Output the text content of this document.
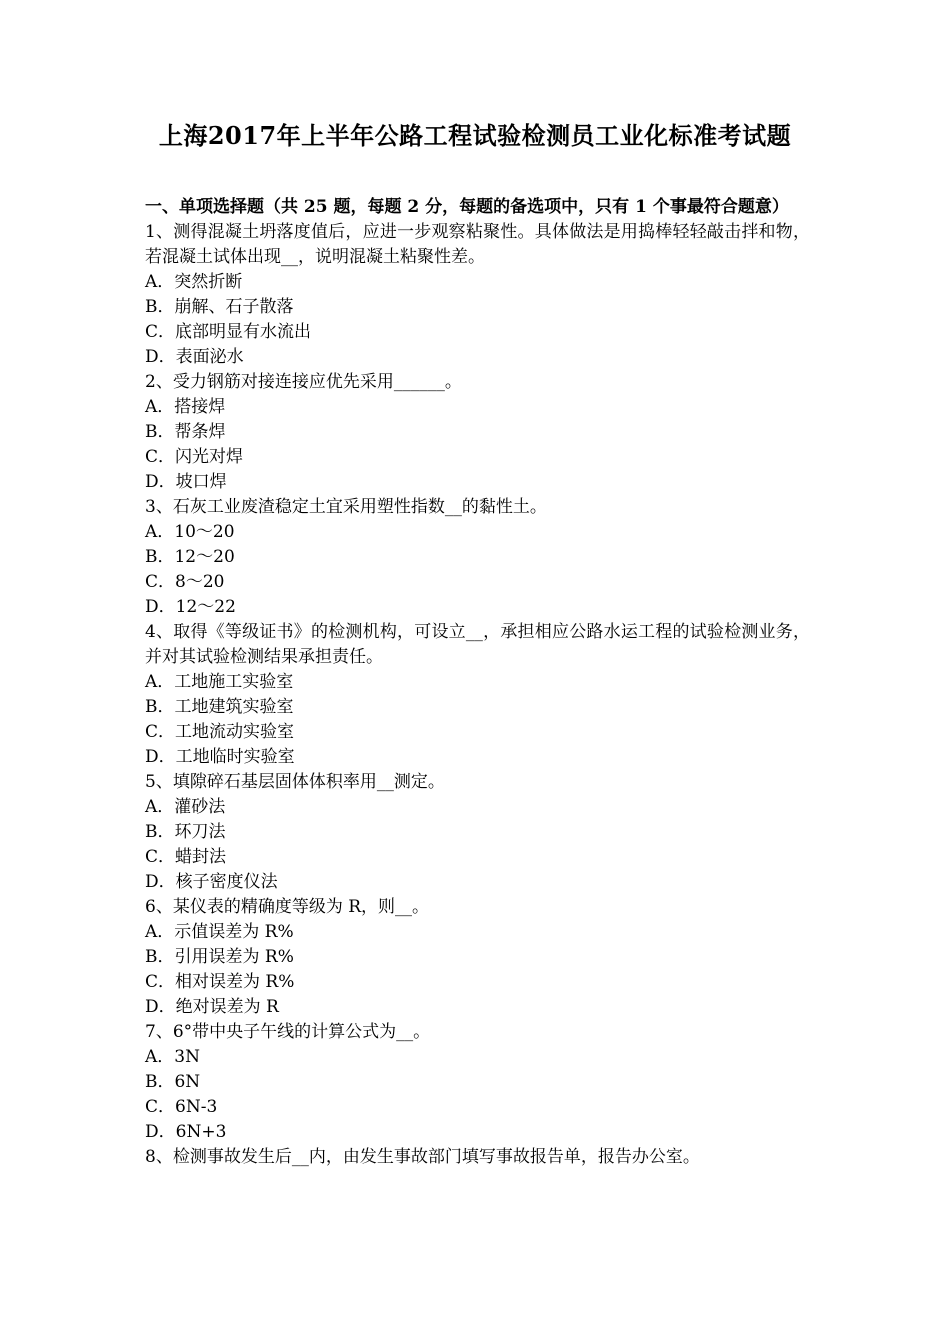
上海2017年上半年公路工程试验检测员工业化标准考试题

一、单项选择题（共 25 题，每题 2 分，每题的备选项中，只有 1 个事最符合题意）

1、测得混凝土坍落度值后，应进一步观察粘聚性。具体做法是用捣棒轻轻敲击拌和物，若混凝土试体出现__，说明混凝土粘聚性差。

A．突然折断

B．崩解、石子散落

C．底部明显有水流出

D．表面泌水

2、受力钢筋对接连接应优先采用______。

A．搭接焊

B．帮条焊

C．闪光对焊

D．坡口焊

3、石灰工业废渣稳定土宜采用塑性指数__的黏性土。

A．10～20

B．12～20

C．8～20

D．12～22

4、取得《等级证书》的检测机构，可设立__，承担相应公路水运工程的试验检测业务，并对其试验检测结果承担责任。

A．工地施工实验室

B．工地建筑实验室

C．工地流动实验室

D．工地临时实验室

5、填隙碎石基层固体体积率用__测定。

A．灌砂法

B．环刀法

C．蜡封法

D．核子密度仪法

6、某仪表的精确度等级为 R，则__。

A．示值误差为 R%

B．引用误差为 R%

C．相对误差为 R%

D．绝对误差为 R

7、6°带中央子午线的计算公式为__。

A．3N

B．6N

C．6N-3

D．6N+3

8、检测事故发生后__内，由发生事故部门填写事故报告单，报告办公室。
